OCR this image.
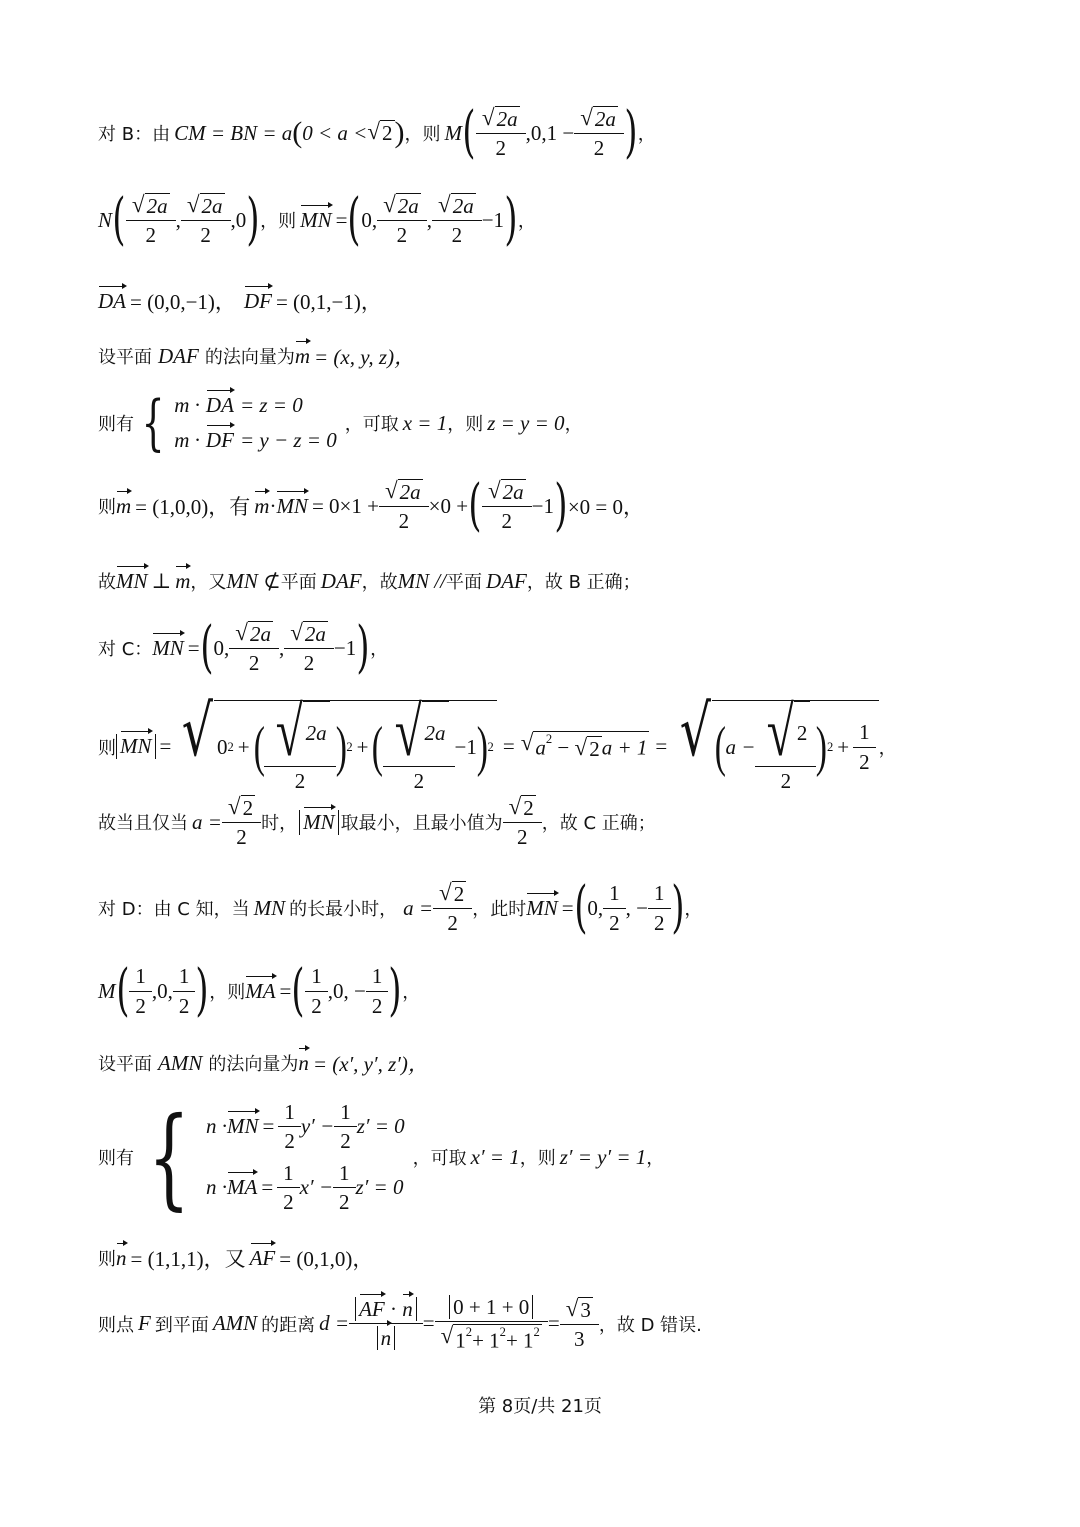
对 B：由 CM = BN = a ( 0 < a < √ 2 ) ，则 M ( $\frac{√ 2a}{2} ,0,1 - \frac{√ 2a}{2}$ ) ，
N ( $\frac{√ 2a}{2}$ , $\frac{√ 2a}{2} ,0$ ) ，则 MN = ( 0, $\frac{√ 2a}{2}$ , $\frac{√ 2a}{2} -1$ ) ，
DA = (0,0,−1)， DF = (0,1,−1)，
设平面 DAF 的法向量为 m = (x, y, z)，
则有 { m · DA = z = 0
m · DF = y − z = 0
，可取 x = 1 ，则 z = y = 0 ，
则 m = (1,0,0)，有 m · MN = $0\times 1 + \frac{√ 2a}{2} \times 0$ + ( $\frac{√ 2a}{2} -1$ ) ×0 = 0，
故 MN ⊥ m ，又 MN ⊄ 平面 DAF ，故 MN // 平面 DAF ，故 B 正确；
对 C： MN = ( 0, $\frac{√ 2a}{2}$ , $\frac{√ 2a}{2} -1$ ) ，
则 MN = √ 0 2 + ( $\frac{√ 2a}{2}$ ) 2 + ( $\frac{√ 2a}{2} -1$ ) 2 = √ $a^2$ − √ 2 a + 1 = √ ( $a - \frac{√ 2}{2}$ ) $2 + \frac{1}{2}$ ，
故当且仅当 $a = \frac{√ 2}{2}$ 时， MN 取最小，且最小值为 $\frac{√ 2}{2}$ ，故 C 正确；
对 D：由 C 知，当 MN 的长最小时， $a = \frac{√ 2}{2}$ ，此时 MN = ( 0, $\frac{1}{2}$ , − $\frac{1}{2}$ ) ，
M ( $\frac{1}{2} ,0$, $\frac{1}{2}$ ) ，则 MA = ( $\frac{1}{2} ,0$, − $\frac{1}{2}$ ) ，
设平面 AMN 的法向量为 n = (x′, y′, z′)，
则有 { n · MN = $\frac{1}{2} y' - \frac{1}{2} z' = 0$
n · MA = $\frac{1}{2} x' - \frac{1}{2} z' = 0$
，可取 x′ = 1 ，则 z′ = y′ = 1 ，
则 n = (1,1,1)，又 AF = (0,1,0)，
则点 F 到平面 AMN 的距离 $d = \frac{AF \cdot n}{n} = \frac{0 + 1 + 0}{√ 1^2+ 1^2+ 1^2} = \frac{√ 3}{3}$ ，故 D 错误.
第 8页/共 21页
